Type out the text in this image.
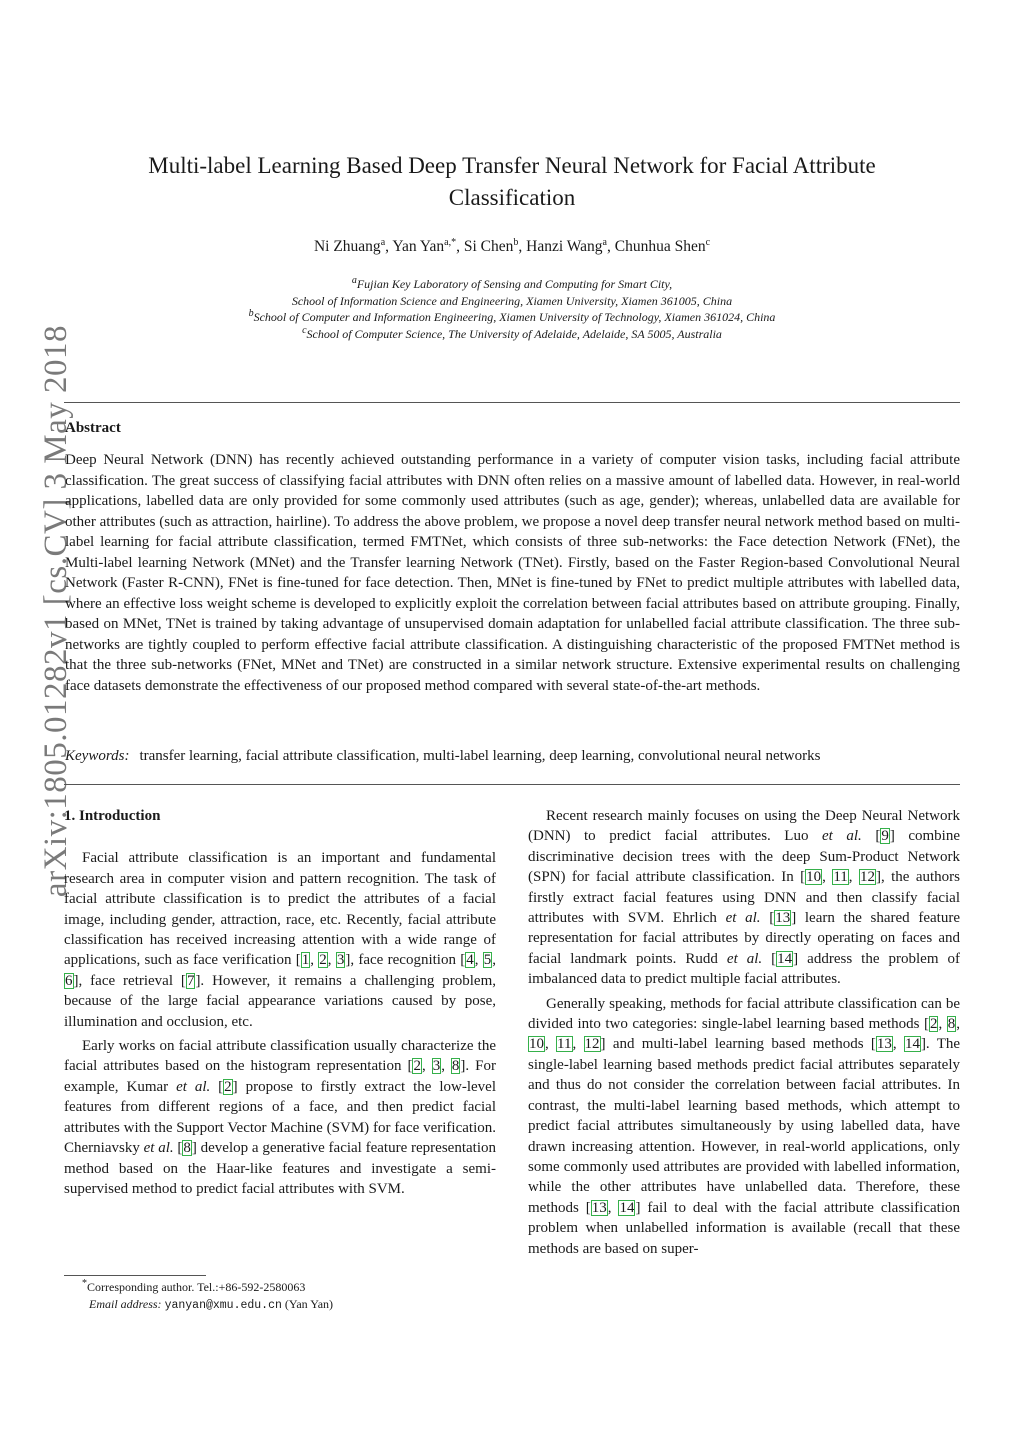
arXiv:1805.01282v1 [cs.CV] 3 May 2018
Multi-label Learning Based Deep Transfer Neural Network for Facial Attribute
Classification
Ni Zhuang$^a$, Yan Yan$^{a,*}$, Si Chen$^b$, Hanzi Wang$^a$, Chunhua Shen$^c$
$^a$Fujian Key Laboratory of Sensing and Computing for Smart City,
School of Information Science and Engineering, Xiamen University, Xiamen 361005, China
$^b$School of Computer and Information Engineering, Xiamen University of Technology, Xiamen 361024, China
$^c$School of Computer Science, The University of Adelaide, Adelaide, SA 5005, Australia
Abstract
Deep Neural Network (DNN) has recently achieved outstanding performance in a variety of computer vision tasks, including facial attribute classification. The great success of classifying facial attributes with DNN often relies on a massive amount of labelled data. However, in real-world applications, labelled data are only provided for some commonly used attributes (such as age, gender); whereas, unlabelled data are available for other attributes (such as attraction, hairline). To address the above problem, we propose a novel deep transfer neural network method based on multi-label learning for facial attribute classification, termed FMTNet, which consists of three sub-networks: the Face detection Network (FNet), the Multi-label learning Network (MNet) and the Transfer learning Network (TNet). Firstly, based on the Faster Region-based Convolutional Neural Network (Faster R-CNN), FNet is fine-tuned for face detection. Then, MNet is fine-tuned by FNet to predict multiple attributes with labelled data, where an effective loss weight scheme is developed to explicitly exploit the correlation between facial attributes based on attribute grouping. Finally, based on MNet, TNet is trained by taking advantage of unsupervised domain adaptation for unlabelled facial attribute classification. The three sub-networks are tightly coupled to perform effective facial attribute classification. A distinguishing characteristic of the proposed FMTNet method is that the three sub-networks (FNet, MNet and TNet) are constructed in a similar network structure. Extensive experimental results on challenging face datasets demonstrate the effectiveness of our proposed method compared with several state-of-the-art methods.
Keywords: transfer learning, facial attribute classification, multi-label learning, deep learning, convolutional neural networks
1. Introduction

Facial attribute classification is an important and fundamental research area in computer vision and pattern recognition. The task of facial attribute classification is to predict the attributes of a facial image, including gender, attraction, race, etc. Recently, facial attribute classification has received increasing attention with a wide range of applications, such as face verification [1, 2, 3], face recognition [4, 5, 6], face retrieval [7]. However, it remains a challenging problem, because of the large facial appearance variations caused by pose, illumination and occlusion, etc.

Early works on facial attribute classification usually characterize the facial attributes based on the histogram representation [2, 3, 8]. For example, Kumar et al. [2] propose to firstly extract the low-level features from different regions of a face, and then predict facial attributes with the Support Vector Machine (SVM) for face verification. Cherniavsky et al. [8] develop a generative facial feature representation method based on the Haar-like features and investigate a semi-supervised method to predict facial attributes with SVM.

Recent research mainly focuses on using the Deep Neural Network (DNN) to predict facial attributes. Luo et al. [9] combine discriminative decision trees with the deep Sum-Product Network (SPN) for facial attribute classification. In [10, 11, 12], the authors firstly extract facial features using DNN and then classify facial attributes with SVM. Ehrlich et al. [13] learn the shared feature representation for facial attributes by directly operating on faces and facial landmark points. Rudd et al. [14] address the problem of imbalanced data to predict multiple facial attributes.

Generally speaking, methods for facial attribute classification can be divided into two categories: single-label learning based methods [2, 8, 10, 11, 12] and multi-label learning based methods [13, 14]. The single-label learning based methods predict facial attributes separately and thus do not consider the correlation between facial attributes. In contrast, the multi-label learning based methods, which attempt to predict facial attributes simultaneously by using labelled data, have drawn increasing attention. However, in real-world applications, only some commonly used attributes are provided with labelled information, while the other attributes have unlabelled data. Therefore, these methods [13, 14] fail to deal with the facial attribute classification problem when unlabelled information is available (recall that these methods are based on super-

*Corresponding author. Tel.:+86-592-2580063
Email address: yanyan@xmu.edu.cn (Yan Yan)
